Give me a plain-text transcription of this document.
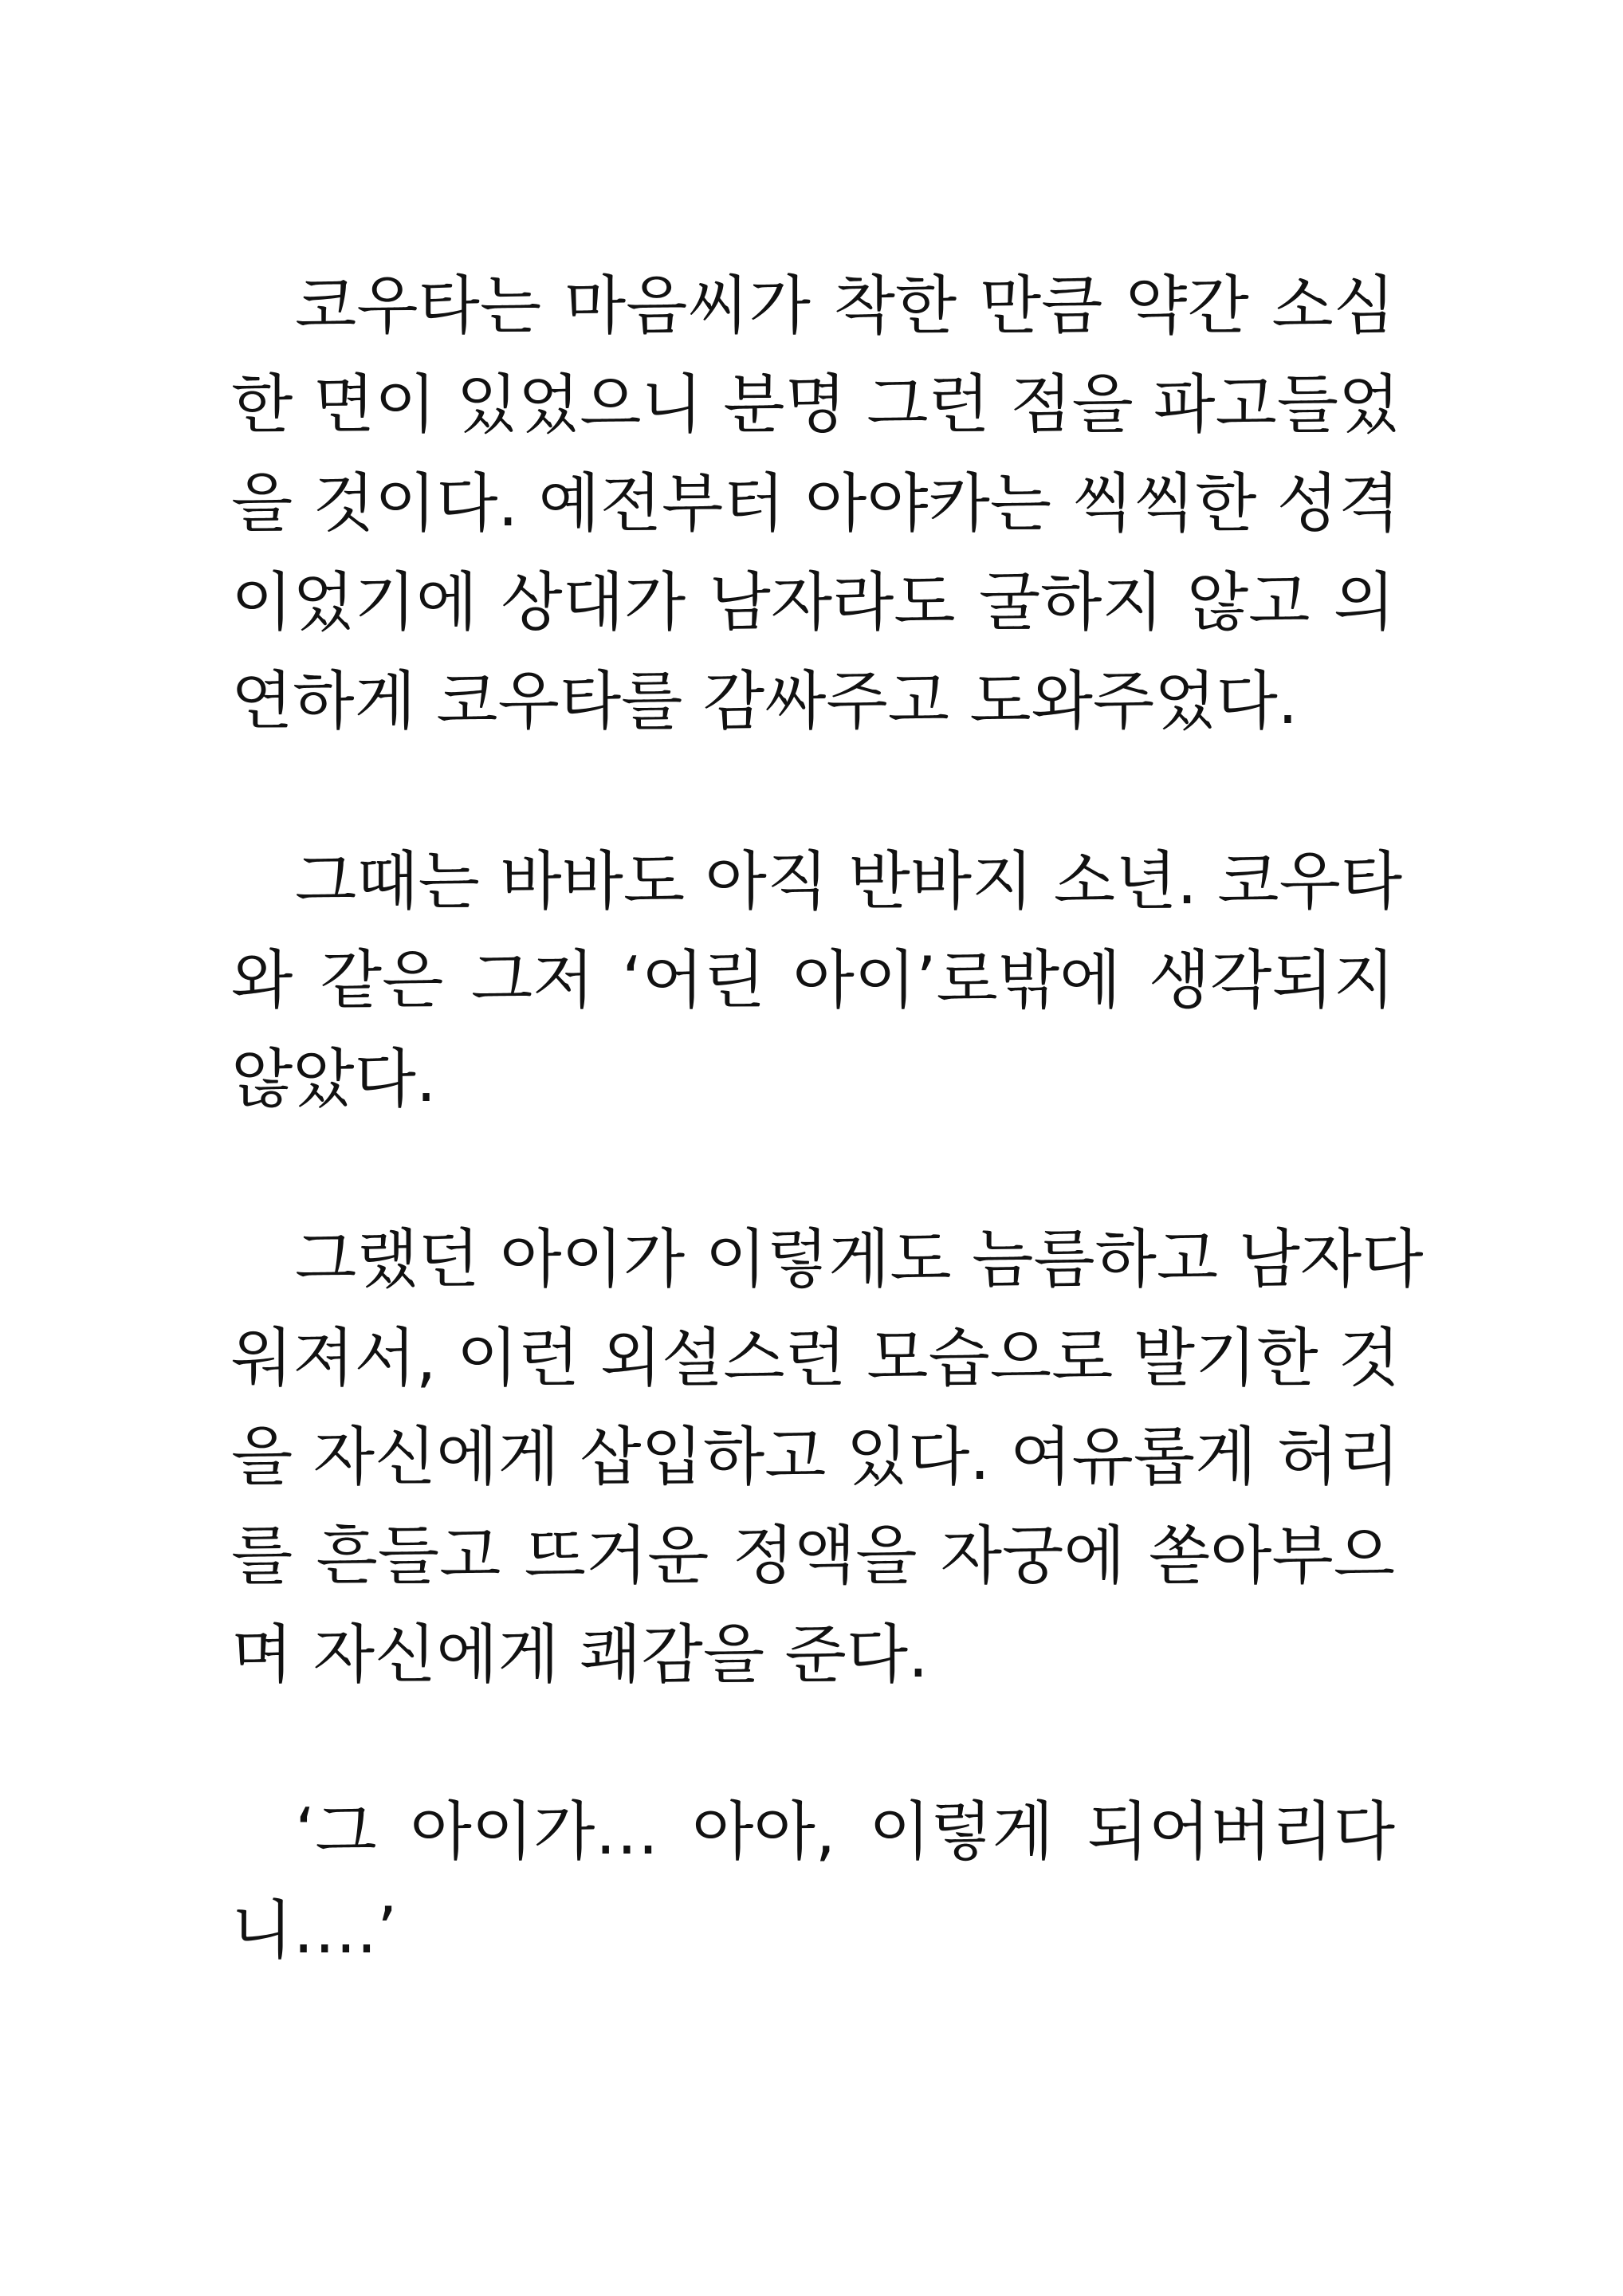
코우타는 마음씨가 착한 만큼 약간 소심
한 면이 있었으니 분명 그런 점을 파고들었
을 것이다. 예전부터 아야카는 씩씩한 성격
이었기에 상대가 남자라도 굴하지 않고 의
연하게 코우타를 감싸주고 도와주었다.
그때는 바바도 아직 반바지 소년. 코우타
와 같은 그저 ‘어린 아이’로밖에 생각되지
않았다.
그랬던 아이가 이렇게도 늠름하고 남자다
워져서, 이런 외설스런 모습으로 발기한 것
을 자신에게 삽입하고 있다. 여유롭게 허리
를 흔들고 뜨거운 정액을 자궁에 쏟아부으
며 자신에게 쾌감을 준다.
‘그 아이가… 아아, 이렇게 되어버리다
니….’
